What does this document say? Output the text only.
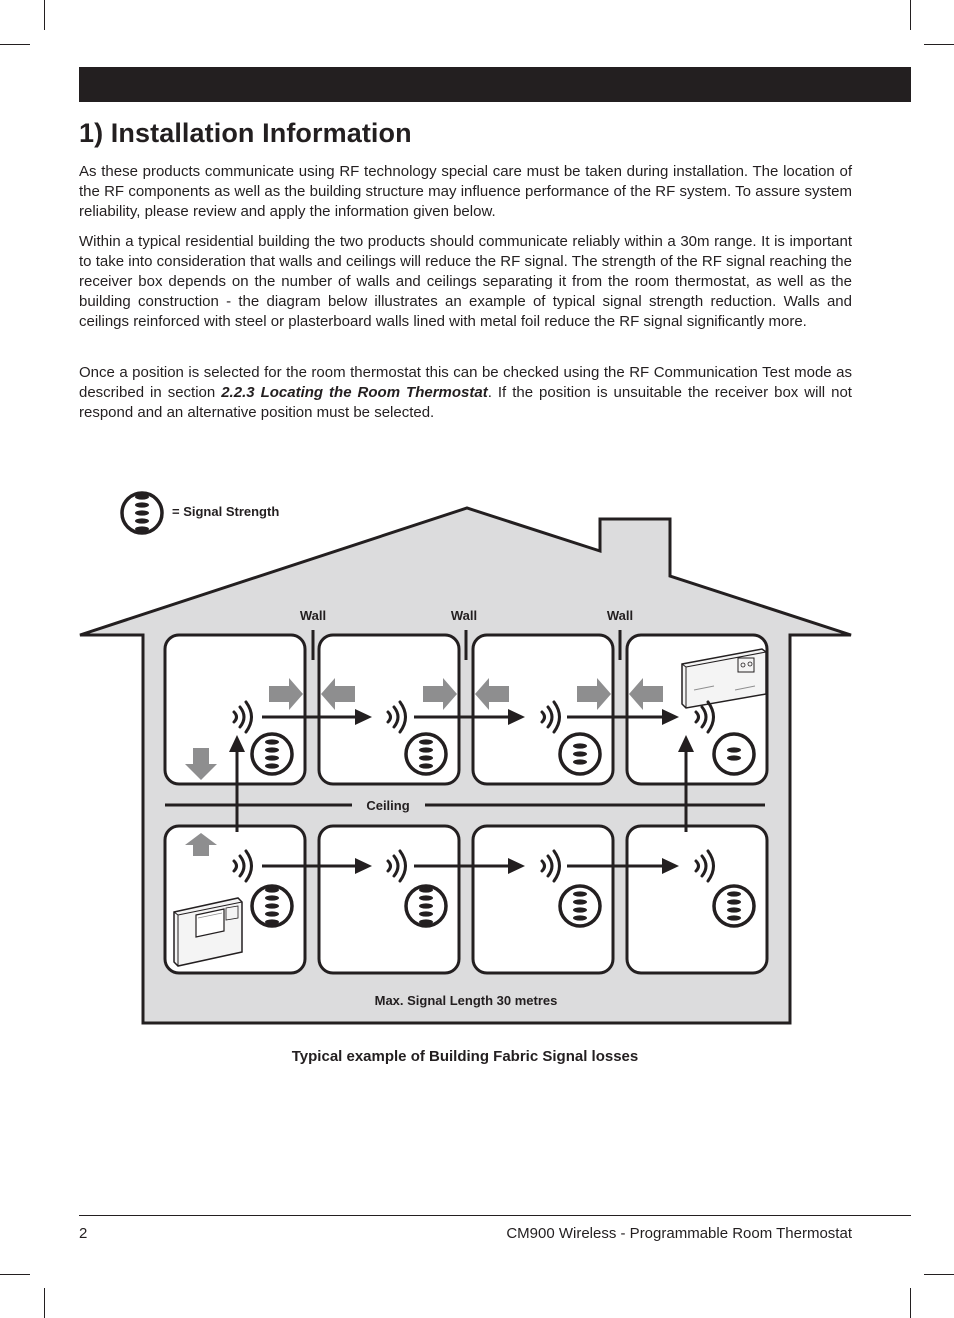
1) Installation Information

As these products communicate using RF technology special care must be taken during installation. The location of the RF components as well as the building structure may influence performance of the RF system. To assure system reliability, please review and apply the information given below.

Within a typical residential building the two products should communicate reliably within a 30m range. It is important to take into consideration that walls and ceilings will reduce the RF signal. The strength of the RF signal reaching the receiver box depends on the number of walls and ceilings separating it from the room thermostat, as well as the building construction - the diagram below illustrates an example of typical signal strength reduction. Walls and ceilings reinforced with steel or plasterboard walls lined with metal foil reduce the RF signal significantly more.

Once a position is selected for the room thermostat this can be checked using the RF Communication Test mode as described in section 2.2.3 Locating the Room Thermostat. If the position is unsuitable the receiver box will not respond and an alternative position must be selected.

= Signal Strength
Wall	Wall	Wall
Ceiling
Max. Signal Length 30 metres
Typical example of Building Fabric Signal losses
2	CM900 Wireless - Programmable Room Thermostat
